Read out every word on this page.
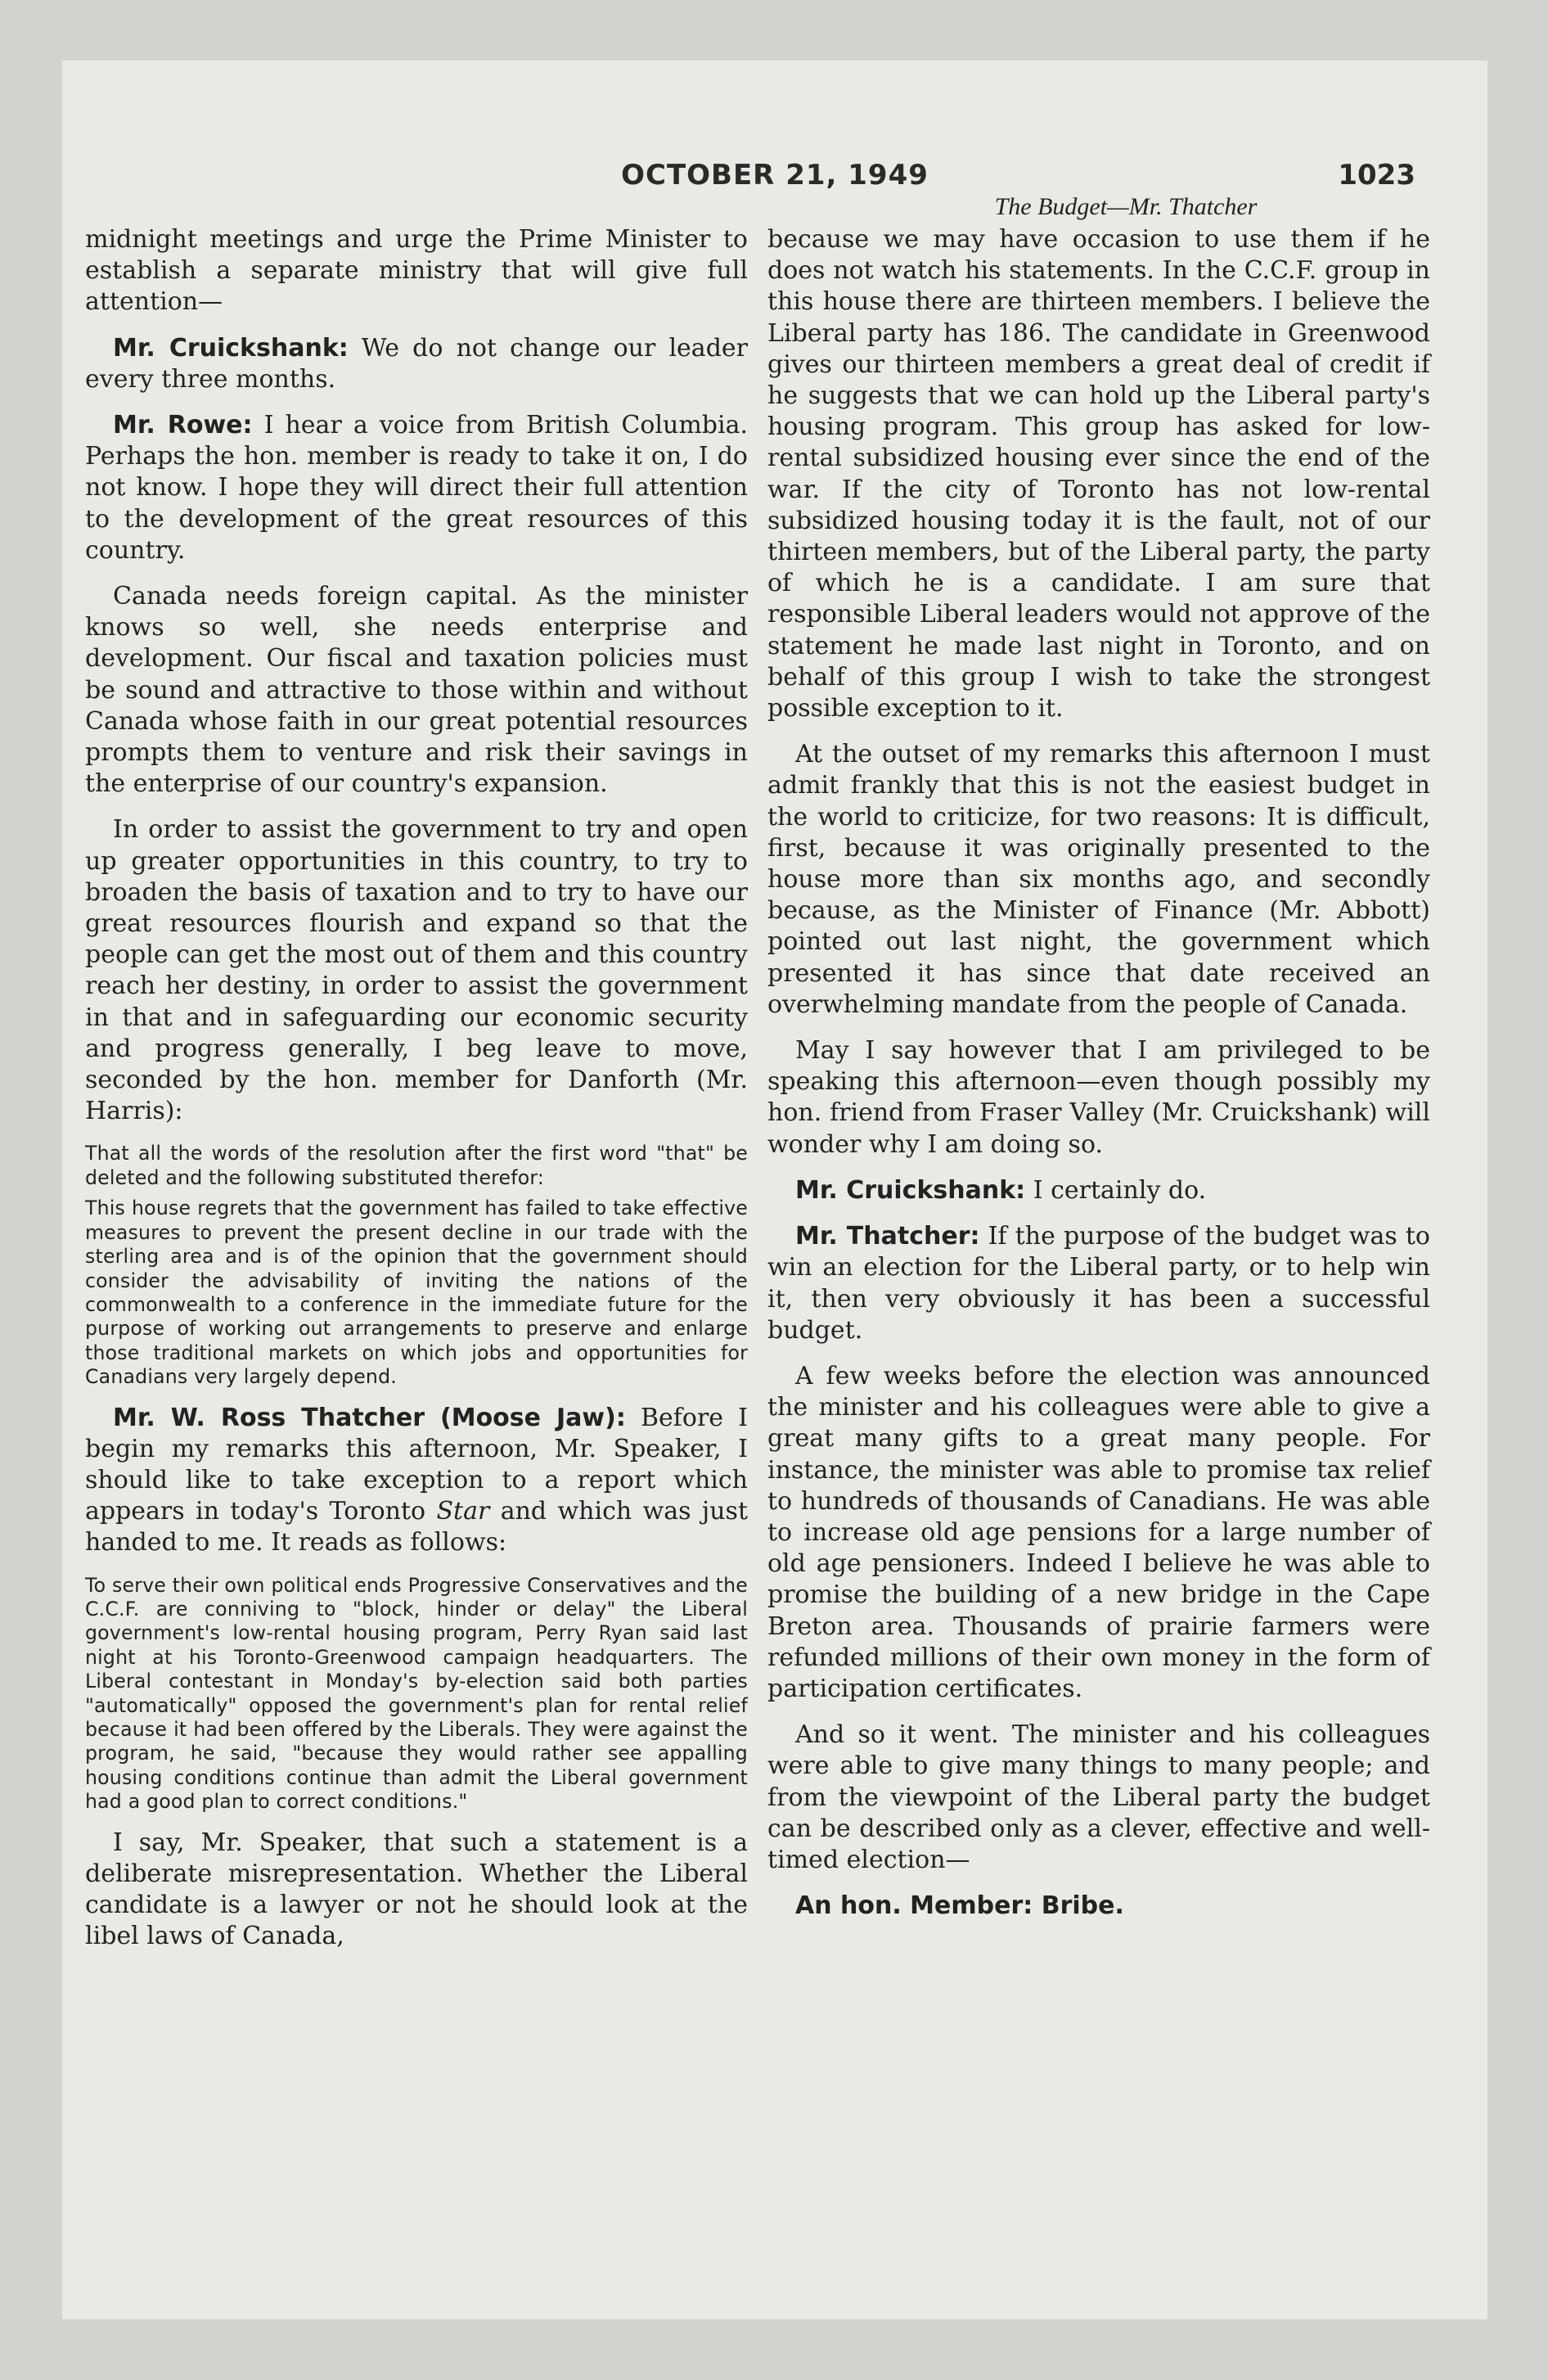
OCTOBER 21, 1949	1023
The Budget—Mr. Thatcher

midnight meetings and urge the Prime Minister to establish a separate ministry that will give full attention—

Mr. Cruickshank: We do not change our leader every three months.

Mr. Rowe: I hear a voice from British Columbia. Perhaps the hon. member is ready to take it on, I do not know. I hope they will direct their full attention to the development of the great resources of this country.

Canada needs foreign capital. As the minister knows so well, she needs enterprise and development. Our fiscal and taxation policies must be sound and attractive to those within and without Canada whose faith in our great potential resources prompts them to venture and risk their savings in the enterprise of our country's expansion.

In order to assist the government to try and open up greater opportunities in this country, to try to broaden the basis of taxation and to try to have our great resources flourish and expand so that the people can get the most out of them and this country reach her destiny, in order to assist the government in that and in safeguarding our economic security and progress generally, I beg leave to move, seconded by the hon. member for Danforth (Mr. Harris):

That all the words of the resolution after the first word "that" be deleted and the following substituted therefor:

This house regrets that the government has failed to take effective measures to prevent the present decline in our trade with the sterling area and is of the opinion that the government should consider the advisability of inviting the nations of the commonwealth to a conference in the immediate future for the purpose of working out arrangements to preserve and enlarge those traditional markets on which jobs and opportunities for Canadians very largely depend.

Mr. W. Ross Thatcher (Moose Jaw): Before I begin my remarks this afternoon, Mr. Speaker, I should like to take exception to a report which appears in today's Toronto Star and which was just handed to me. It reads as follows:

To serve their own political ends Progressive Conservatives and the C.C.F. are conniving to "block, hinder or delay" the Liberal government's low-rental housing program, Perry Ryan said last night at his Toronto-Greenwood campaign headquarters. The Liberal contestant in Monday's by-election said both parties "automatically" opposed the government's plan for rental relief because it had been offered by the Liberals. They were against the program, he said, "because they would rather see appalling housing conditions continue than admit the Liberal government had a good plan to correct conditions."

I say, Mr. Speaker, that such a statement is a deliberate misrepresentation. Whether the Liberal candidate is a lawyer or not he should look at the libel laws of Canada,

because we may have occasion to use them if he does not watch his statements. In the C.C.F. group in this house there are thirteen members. I believe the Liberal party has 186. The candidate in Greenwood gives our thirteen members a great deal of credit if he suggests that we can hold up the Liberal party's housing program. This group has asked for low-rental subsidized housing ever since the end of the war. If the city of Toronto has not low-rental subsidized housing today it is the fault, not of our thirteen members, but of the Liberal party, the party of which he is a candidate. I am sure that responsible Liberal leaders would not approve of the statement he made last night in Toronto, and on behalf of this group I wish to take the strongest possible exception to it.

At the outset of my remarks this afternoon I must admit frankly that this is not the easiest budget in the world to criticize, for two reasons: It is difficult, first, because it was originally presented to the house more than six months ago, and secondly because, as the Minister of Finance (Mr. Abbott) pointed out last night, the government which presented it has since that date received an overwhelming mandate from the people of Canada.

May I say however that I am privileged to be speaking this afternoon—even though possibly my hon. friend from Fraser Valley (Mr. Cruickshank) will wonder why I am doing so.

Mr. Cruickshank: I certainly do.

Mr. Thatcher: If the purpose of the budget was to win an election for the Liberal party, or to help win it, then very obviously it has been a successful budget.

A few weeks before the election was announced the minister and his colleagues were able to give a great many gifts to a great many people. For instance, the minister was able to promise tax relief to hundreds of thousands of Canadians. He was able to increase old age pensions for a large number of old age pensioners. Indeed I believe he was able to promise the building of a new bridge in the Cape Breton area. Thousands of prairie farmers were refunded millions of their own money in the form of participation certificates.

And so it went. The minister and his colleagues were able to give many things to many people; and from the viewpoint of the Liberal party the budget can be described only as a clever, effective and well-timed election—

An hon. Member: Bribe.
